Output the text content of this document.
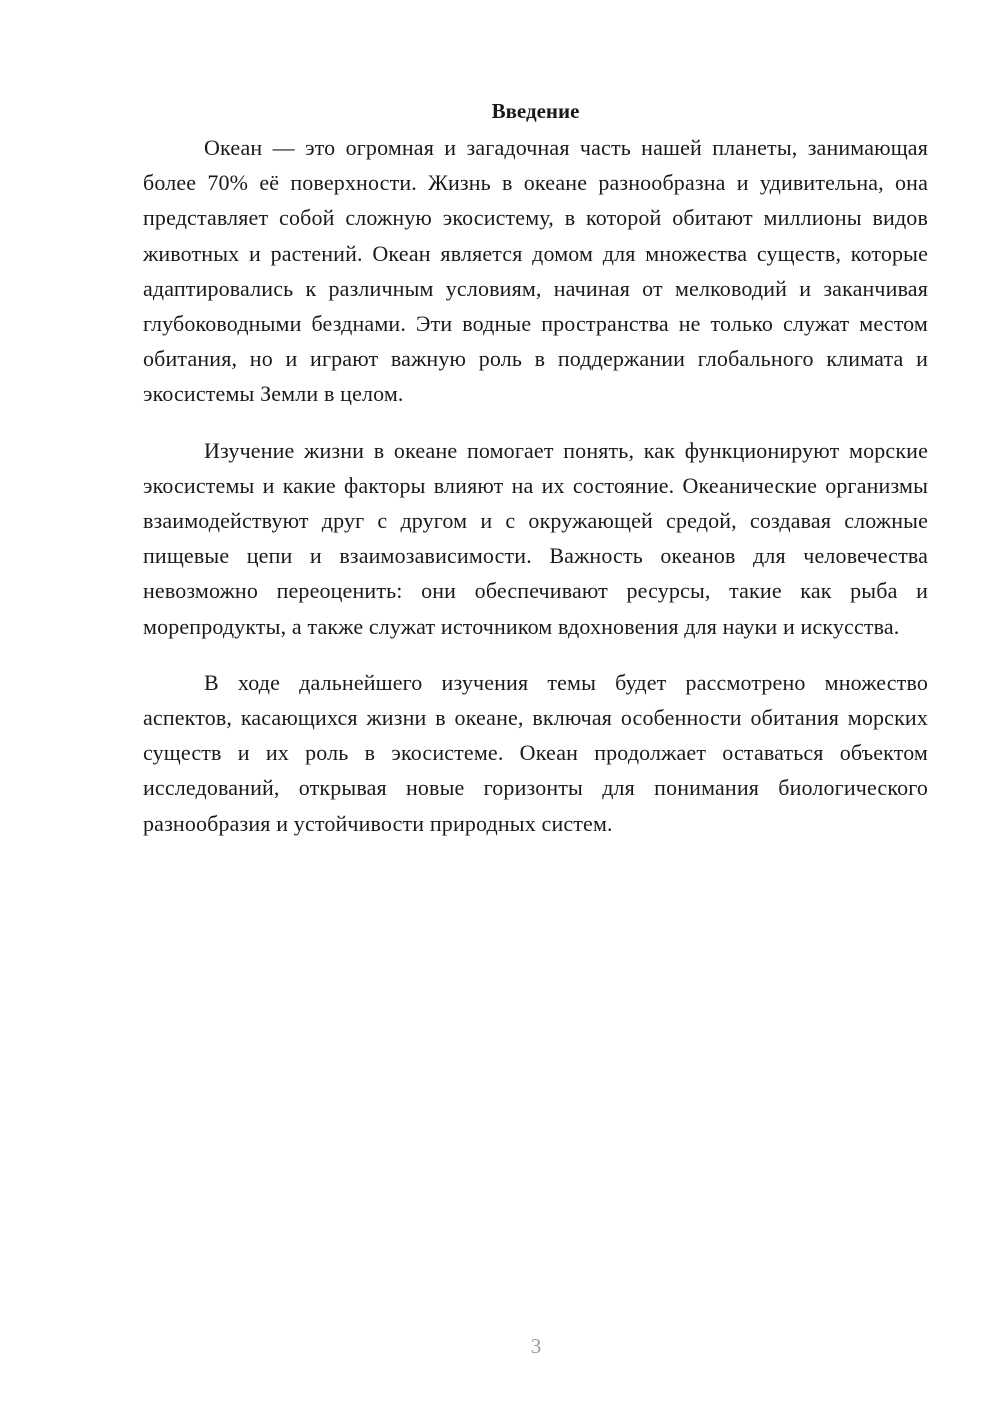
Введение

Океан — это огромная и загадочная часть нашей планеты, занимающая более 70% её поверхности. Жизнь в океане разнообразна и удивительна, она представляет собой сложную экосистему, в которой обитают миллионы видов животных и растений. Океан является домом для множества существ, которые адаптировались к различным условиям, начиная от мелководий и заканчивая глубоководными безднами. Эти водные пространства не только служат местом обитания, но и играют важную роль в поддержании глобального климата и экосистемы Земли в целом.

Изучение жизни в океане помогает понять, как функционируют морские экосистемы и какие факторы влияют на их состояние. Океанические организмы взаимодействуют друг с другом и с окружающей средой, создавая сложные пищевые цепи и взаимозависимости. Важность океанов для человечества невозможно переоценить: они обеспечивают ресурсы, такие как рыба и морепродукты, а также служат источником вдохновения для науки и искусства.

В ходе дальнейшего изучения темы будет рассмотрено множество аспектов, касающихся жизни в океане, включая особенности обитания морских существ и их роль в экосистеме. Океан продолжает оставаться объектом исследований, открывая новые горизонты для понимания биологического разнообразия и устойчивости природных систем.

3
